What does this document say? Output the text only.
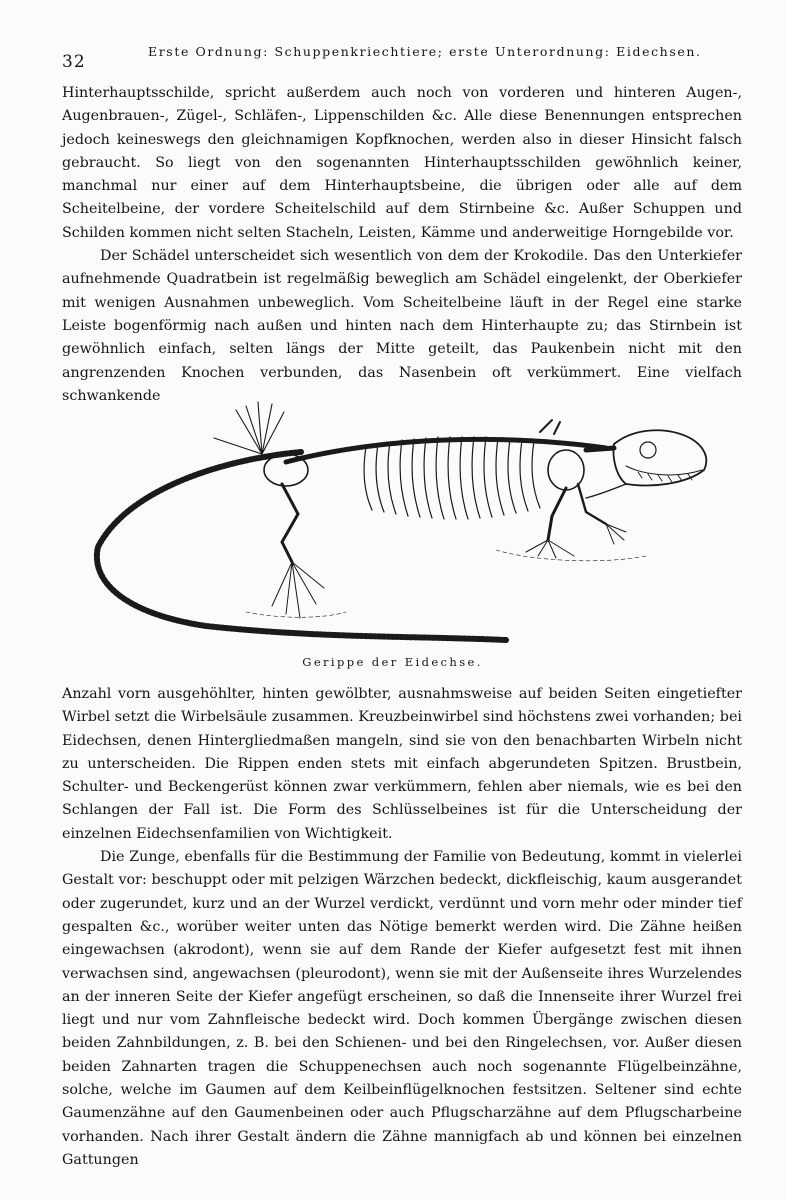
32
Erste Ordnung: Schuppenkriechtiere; erste Unterordnung: Eidechsen.

Hinterhauptsschilde, spricht außerdem auch noch von vorderen und hinteren Augen-, Augenbrauen-, Zügel-, Schläfen-, Lippenschilden &c. Alle diese Benennungen entsprechen jedoch keineswegs den gleichnamigen Kopfknochen, werden also in dieser Hinsicht falsch gebraucht. So liegt von den sogenannten Hinterhauptsschilden gewöhnlich keiner, manchmal nur einer auf dem Hinterhauptsbeine, die übrigen oder alle auf dem Scheitelbeine, der vordere Scheitelschild auf dem Stirnbeine &c. Außer Schuppen und Schilden kommen nicht selten Stacheln, Leisten, Kämme und anderweitige Horngebilde vor.

Der Schädel unterscheidet sich wesentlich von dem der Krokodile. Das den Unterkiefer aufnehmende Quadratbein ist regelmäßig beweglich am Schädel eingelenkt, der Oberkiefer mit wenigen Ausnahmen unbeweglich. Vom Scheitelbeine läuft in der Regel eine starke Leiste bogenförmig nach außen und hinten nach dem Hinterhaupte zu; das Stirnbein ist gewöhnlich einfach, selten längs der Mitte geteilt, das Paukenbein nicht mit den angrenzenden Knochen verbunden, das Nasenbein oft verkümmert. Eine vielfach schwankende

Gerippe der Eidechse.

Anzahl vorn ausgehöhlter, hinten gewölbter, ausnahmsweise auf beiden Seiten eingetiefter Wirbel setzt die Wirbelsäule zusammen. Kreuzbeinwirbel sind höchstens zwei vorhanden; bei Eidechsen, denen Hintergliedmaßen mangeln, sind sie von den benachbarten Wirbeln nicht zu unterscheiden. Die Rippen enden stets mit einfach abgerundeten Spitzen. Brustbein, Schulter- und Beckengerüst können zwar verkümmern, fehlen aber niemals, wie es bei den Schlangen der Fall ist. Die Form des Schlüsselbeines ist für die Unterscheidung der einzelnen Eidechsenfamilien von Wichtigkeit.

Die Zunge, ebenfalls für die Bestimmung der Familie von Bedeutung, kommt in vielerlei Gestalt vor: beschuppt oder mit pelzigen Wärzchen bedeckt, dickfleischig, kaum ausgerandet oder zugerundet, kurz und an der Wurzel verdickt, verdünnt und vorn mehr oder minder tief gespalten &c., worüber weiter unten das Nötige bemerkt werden wird. Die Zähne heißen eingewachsen (akrodont), wenn sie auf dem Rande der Kiefer aufgesetzt fest mit ihnen verwachsen sind, angewachsen (pleurodont), wenn sie mit der Außenseite ihres Wurzelendes an der inneren Seite der Kiefer angefügt erscheinen, so daß die Innenseite ihrer Wurzel frei liegt und nur vom Zahnfleische bedeckt wird. Doch kommen Übergänge zwischen diesen beiden Zahnbildungen, z. B. bei den Schienen- und bei den Ringelechsen, vor. Außer diesen beiden Zahnarten tragen die Schuppenechsen auch noch sogenannte Flügelbeinzähne, solche, welche im Gaumen auf dem Keilbeinflügelknochen festsitzen. Seltener sind echte Gaumenzähne auf den Gaumenbeinen oder auch Pflugscharzähne auf dem Pflugscharbeine vorhanden. Nach ihrer Gestalt ändern die Zähne mannigfach ab und können bei einzelnen Gattungen
